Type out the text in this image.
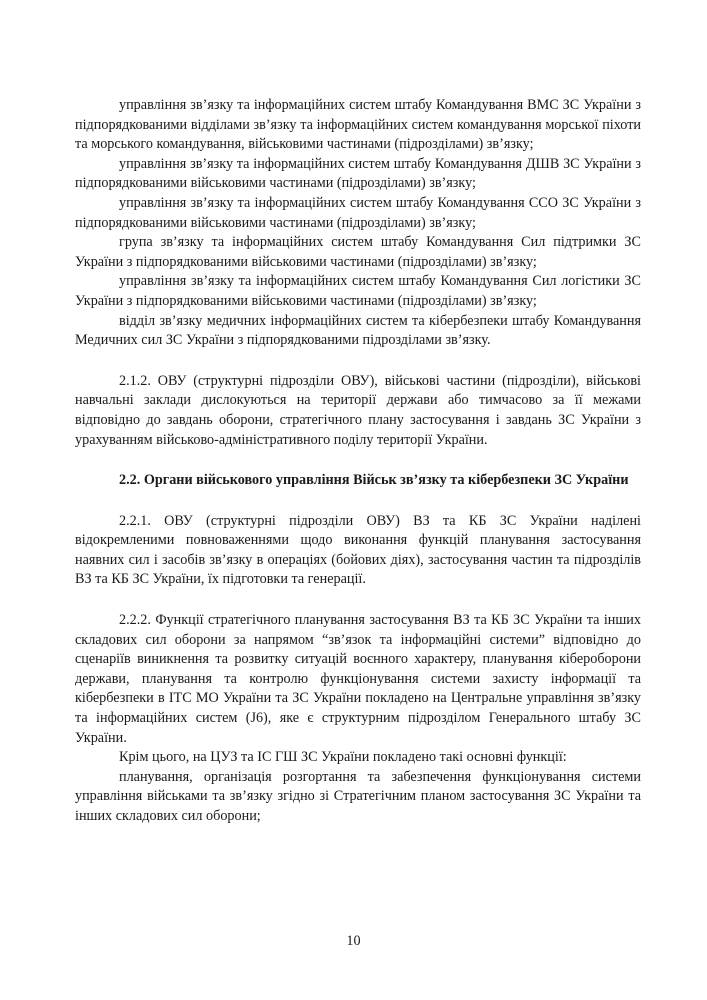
управління зв’язку та інформаційних систем штабу Командування ВМС ЗС України з підпорядкованими відділами зв’язку та інформаційних систем командування морської піхоти та морського командування, військовими частинами (підрозділами) зв’язку;

управління зв’язку та інформаційних систем штабу Командування ДШВ ЗС України з підпорядкованими військовими частинами (підрозділами) зв’язку;

управління зв’язку та інформаційних систем штабу Командування ССО ЗС України з підпорядкованими військовими частинами (підрозділами) зв’язку;

група зв’язку та інформаційних систем штабу Командування Сил підтримки ЗС України з підпорядкованими військовими частинами (підрозділами) зв’язку;

управління зв’язку та інформаційних систем штабу Командування Сил логістики ЗС України з підпорядкованими військовими частинами (підрозділами) зв’язку;

відділ зв’язку медичних інформаційних систем та кібербезпеки штабу Командування Медичних сил ЗС України з підпорядкованими підрозділами зв’язку.

2.1.2. ОВУ (структурні підрозділи ОВУ), військові частини (підрозділи), військові навчальні заклади дислокуються на території держави або тимчасово за її межами відповідно до завдань оборони, стратегічного плану застосування і завдань ЗС України з урахуванням військово-адміністративного поділу території України.

2.2. Органи військового управління Військ зв’язку та кібербезпеки ЗС України

2.2.1. ОВУ (структурні підрозділи ОВУ) ВЗ та КБ ЗС України наділені відокремленими повноваженнями щодо виконання функцій планування застосування наявних сил і засобів зв’язку в операціях (бойових діях), застосування частин та підрозділів ВЗ та КБ ЗС України, їх підготовки та генерації.

2.2.2. Функції стратегічного планування застосування ВЗ та КБ ЗС України та інших складових сил оборони за напрямом “зв’язок та інформаційні системи” відповідно до сценаріїв виникнення та розвитку ситуацій воєнного характеру, планування кібероборони держави, планування та контролю функціонування системи захисту інформації та кібербезпеки в ІТС МО України та ЗС України покладено на Центральне управління зв’язку та інформаційних систем (J6), яке є структурним підрозділом Генерального штабу ЗС України.

Крім цього, на ЦУЗ та ІС ГШ ЗС України покладено такі основні функції:

планування, організація розгортання та забезпечення функціонування системи управління військами та зв’язку згідно зі Стратегічним планом застосування ЗС України та інших складових сил оборони;

10
